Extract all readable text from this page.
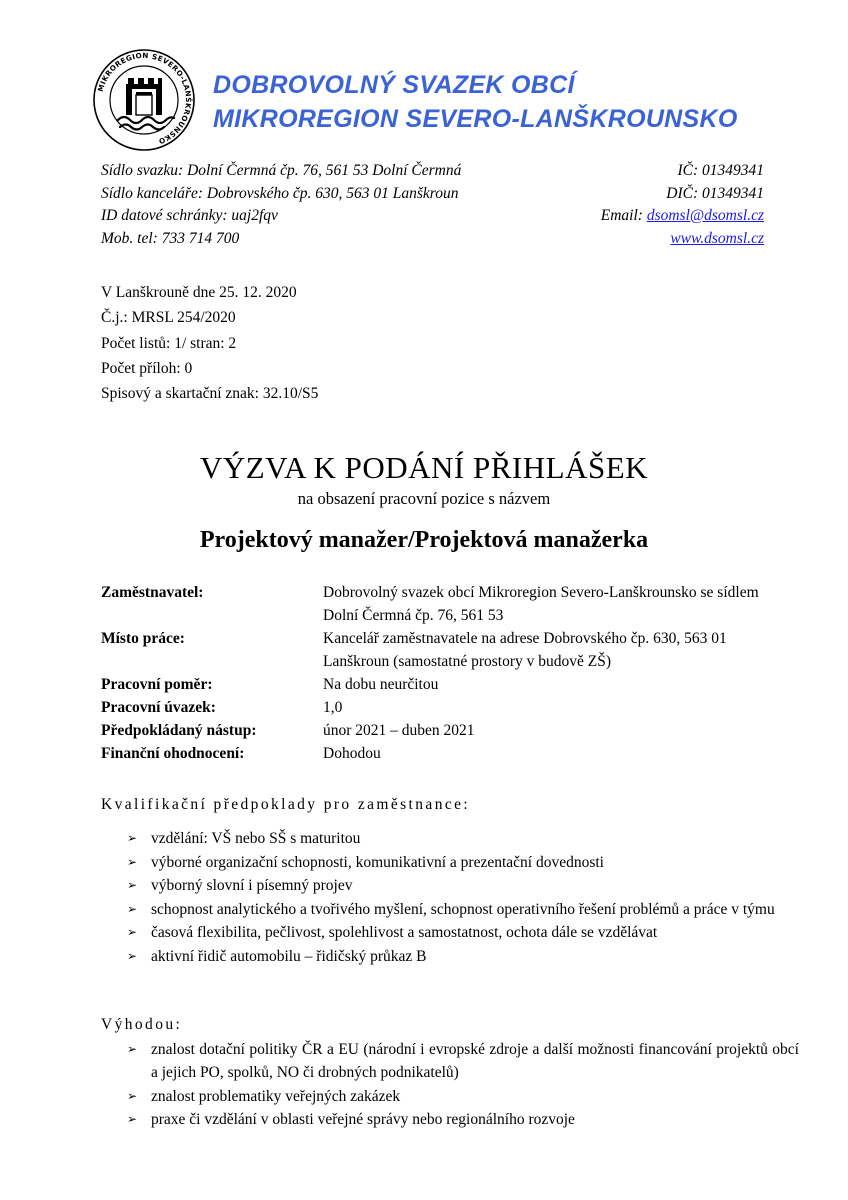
MIKROREGION SEVERO-LANŠKROUNSKO
DOBROVOLNÝ SVAZEK OBCÍ
MIKROREGION SEVERO-LANŠKROUNSKO
Sídlo svazku: Dolní Čermná čp. 76, 561 53 Dolní Čermná
Sídlo kanceláře: Dobrovského čp. 630, 563 01 Lanškroun
ID datové schránky: uaj2fqv
Mob. tel: 733 714 700
IČ: 01349341
DIČ: 01349341
Email: dsomsl@dsomsl.cz
www.dsomsl.cz
V Lanškrouně dne 25. 12. 2020
Č.j.: MRSL 254/2020
Počet listů: 1/ stran: 2
Počet příloh: 0
Spisový a skartační znak: 32.10/S5
VÝZVA K PODÁNÍ PŘIHLÁŠEK
na obsazení pracovní pozice s názvem
Projektový manažer/Projektová manažerka
Zaměstnavatel:	Dobrovolný svazek obcí Mikroregion Severo-Lanškrounsko se sídlem Dolní Čermná čp. 76, 561 53
Místo práce:	Kancelář zaměstnavatele na adrese Dobrovského čp. 630, 563 01 Lanškroun (samostatné prostory v budově ZŠ)
Pracovní poměr:	Na dobu neurčitou
Pracovní úvazek:	1,0
Předpokládaný nástup:	únor 2021 – duben 2021
Finanční ohodnocení:	Dohodou
Kvalifikační předpoklady pro zaměstnance:
➢ vzdělání: VŠ nebo SŠ s maturitou
➢ výborné organizační schopnosti, komunikativní a prezentační dovednosti
➢ výborný slovní i písemný projev
➢ schopnost analytického a tvořivého myšlení, schopnost operativního řešení problémů a práce v týmu
➢ časová flexibilita, pečlivost, spolehlivost a samostatnost, ochota dále se vzdělávat
➢ aktivní řidič automobilu – řidičský průkaz B
Výhodou:
➢ znalost dotační politiky ČR a EU (národní i evropské zdroje a další možnosti financování projektů obcí a jejich PO, spolků, NO či drobných podnikatelů)
➢ znalost problematiky veřejných zakázek
➢ praxe či vzdělání v oblasti veřejné správy nebo regionálního rozvoje
